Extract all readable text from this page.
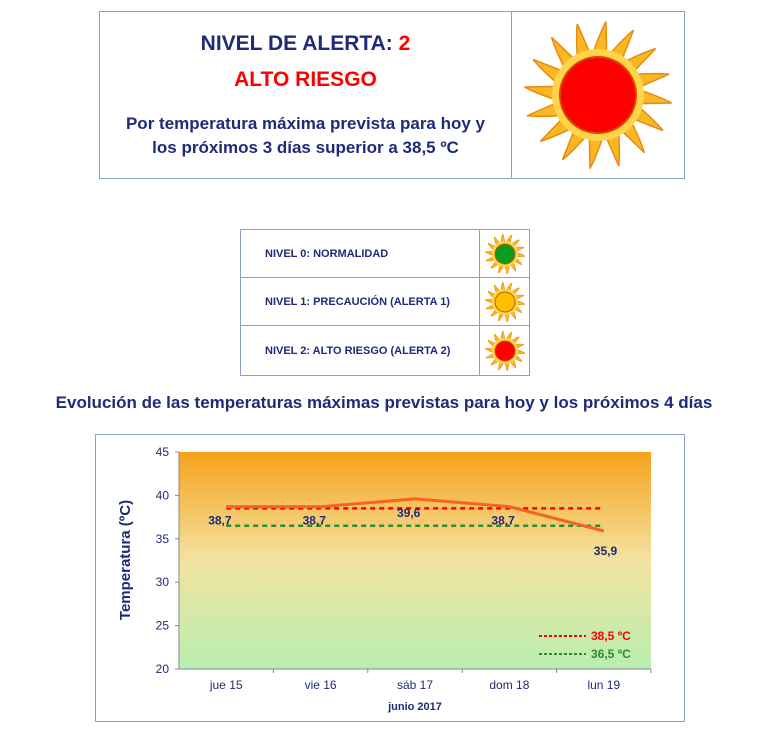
NIVEL DE ALERTA: 2
ALTO RIESGO
Por temperatura máxima prevista para hoy y
los próximos 3 días superior a 38,5 ºC
NIVEL 0: NORMALIDAD
NIVEL 1: PRECAUCIÓN (ALERTA 1)
NIVEL 2: ALTO RIESGO (ALERTA 2)
Evolución de las temperaturas máximas previstas para hoy y los próximos 4 días
20
25
30
35
40
45
jue 15	vie 16	sáb 17	dom 18	lun 19
38,7	38,7
39,6
38,7
35,9
Temperatura (ºC)
junio 2017
38,5 ºC
36,5 ºC
